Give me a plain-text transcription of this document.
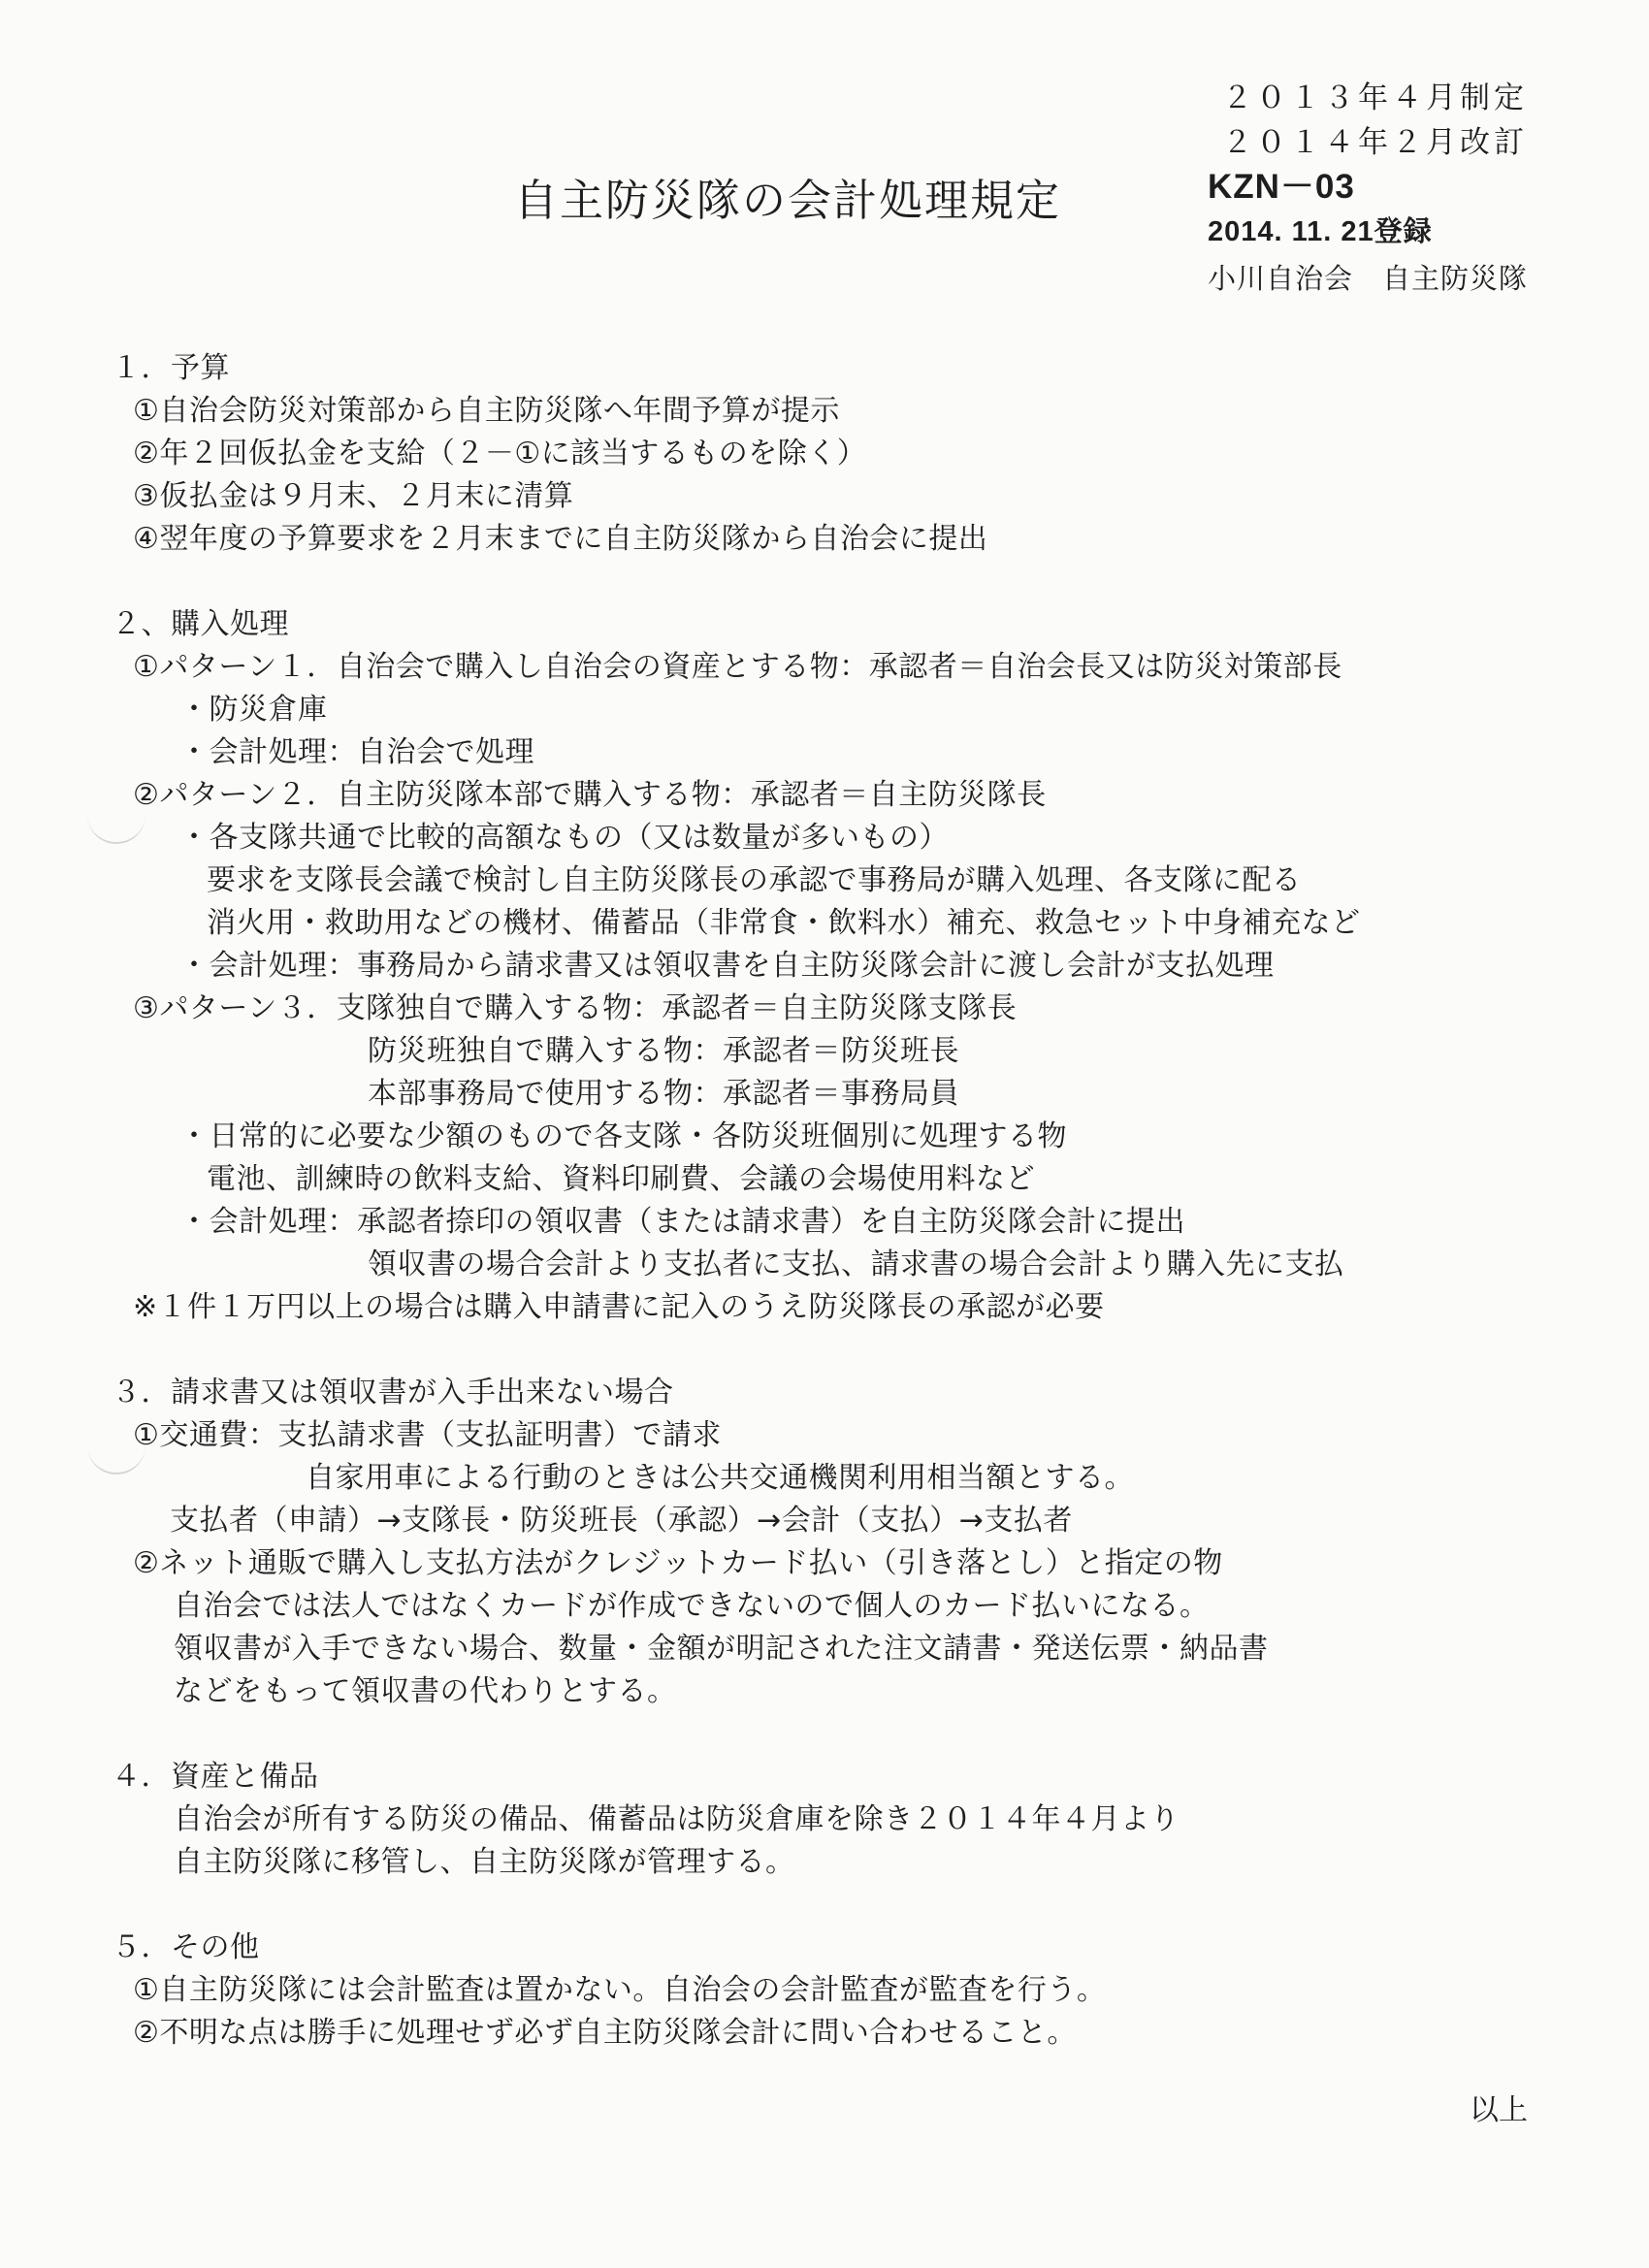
２０１３年４月制定
２０１４年２月改訂
KZN－03
2014. 11. 21登録
小川自治会　自主防災隊
自主防災隊の会計処理規定
１．予算
①自治会防災対策部から自主防災隊へ年間予算が提示
②年２回仮払金を支給（２－①に該当するものを除く）
③仮払金は９月末、２月末に清算
④翌年度の予算要求を２月末までに自主防災隊から自治会に提出
２、購入処理
①パターン１．自治会で購入し自治会の資産とする物：承認者＝自治会長又は防災対策部長
・防災倉庫
・会計処理：自治会で処理
②パターン２．自主防災隊本部で購入する物：承認者＝自主防災隊長
・各支隊共通で比較的高額なもの（又は数量が多いもの）
要求を支隊長会議で検討し自主防災隊長の承認で事務局が購入処理、各支隊に配る
消火用・救助用などの機材、備蓄品（非常食・飲料水）補充、救急セット中身補充など
・会計処理：事務局から請求書又は領収書を自主防災隊会計に渡し会計が支払処理
③パターン３．支隊独自で購入する物：承認者＝自主防災隊支隊長
防災班独自で購入する物：承認者＝防災班長
本部事務局で使用する物：承認者＝事務局員
・日常的に必要な少額のもので各支隊・各防災班個別に処理する物
電池、訓練時の飲料支給、資料印刷費、会議の会場使用料など
・会計処理：承認者捺印の領収書（または請求書）を自主防災隊会計に提出
領収書の場合会計より支払者に支払、請求書の場合会計より購入先に支払
※１件１万円以上の場合は購入申請書に記入のうえ防災隊長の承認が必要
３．請求書又は領収書が入手出来ない場合
①交通費：支払請求書（支払証明書）で請求
自家用車による行動のときは公共交通機関利用相当額とする。
支払者（申請）→支隊長・防災班長（承認）→会計（支払）→支払者
②ネット通販で購入し支払方法がクレジットカード払い（引き落とし）と指定の物
自治会では法人ではなくカードが作成できないので個人のカード払いになる。
領収書が入手できない場合、数量・金額が明記された注文請書・発送伝票・納品書
などをもって領収書の代わりとする。
４．資産と備品
自治会が所有する防災の備品、備蓄品は防災倉庫を除き２０１４年４月より
自主防災隊に移管し、自主防災隊が管理する。
５．その他
①自主防災隊には会計監査は置かない。自治会の会計監査が監査を行う。
②不明な点は勝手に処理せず必ず自主防災隊会計に問い合わせること。
以上
